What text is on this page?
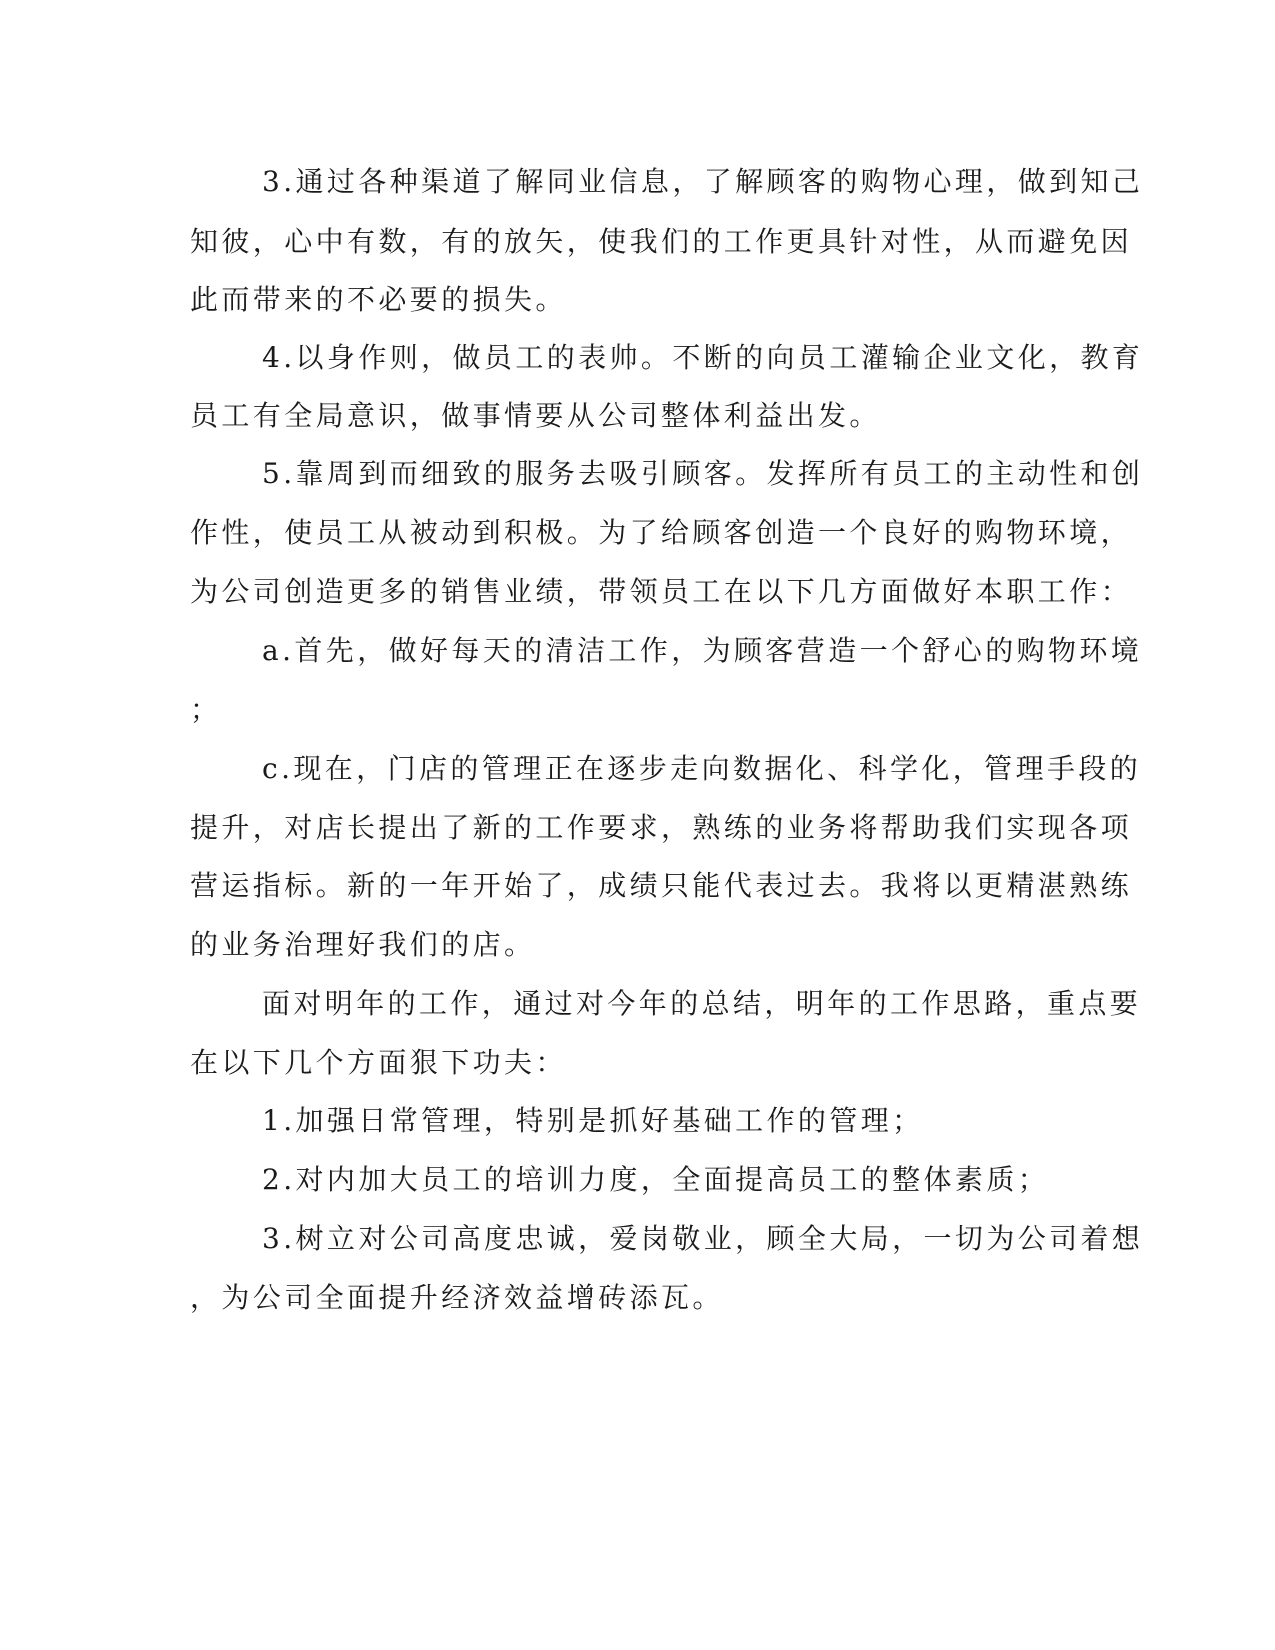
3.通过各种渠道了解同业信息，了解顾客的购物心理，做到知己
知彼，心中有数，有的放矢，使我们的工作更具针对性，从而避免因
此而带来的不必要的损失。
4.以身作则，做员工的表帅。不断的向员工灌输企业文化，教育
员工有全局意识，做事情要从公司整体利益出发。
5.靠周到而细致的服务去吸引顾客。发挥所有员工的主动性和创
作性，使员工从被动到积极。为了给顾客创造一个良好的购物环境，
为公司创造更多的销售业绩，带领员工在以下几方面做好本职工作：
a.首先，做好每天的清洁工作，为顾客营造一个舒心的购物环境
；
c.现在，门店的管理正在逐步走向数据化、科学化，管理手段的
提升，对店长提出了新的工作要求，熟练的业务将帮助我们实现各项
营运指标。新的一年开始了，成绩只能代表过去。我将以更精湛熟练
的业务治理好我们的店。
面对明年的工作，通过对今年的总结，明年的工作思路，重点要
在以下几个方面狠下功夫：
1.加强日常管理，特别是抓好基础工作的管理；
2.对内加大员工的培训力度，全面提高员工的整体素质；
3.树立对公司高度忠诚，爱岗敬业，顾全大局，一切为公司着想
，为公司全面提升经济效益增砖添瓦。
